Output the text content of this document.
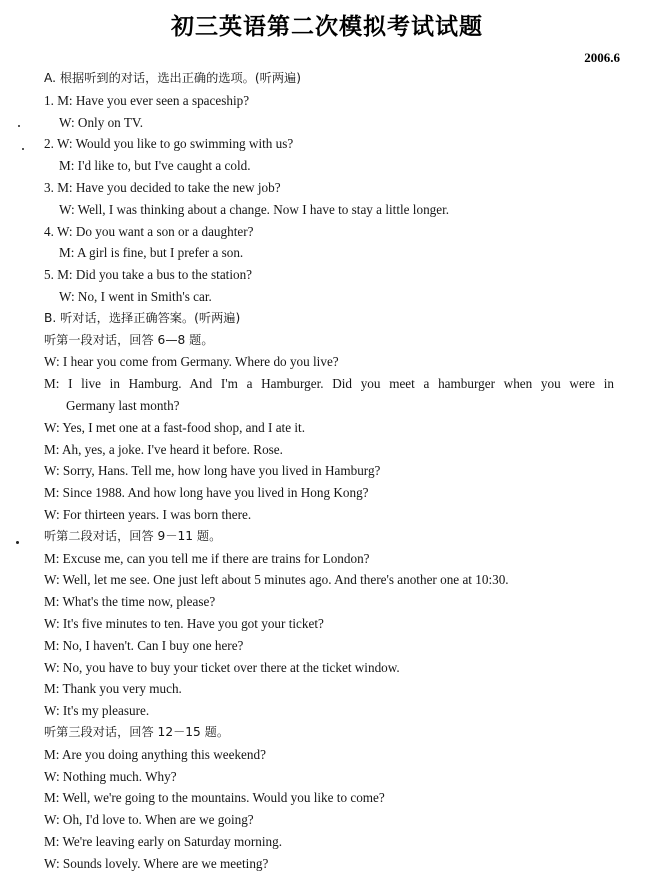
初三英语第二次模拟考试试题
2006.6
A. 根据听到的对话，选出正确的选项。(听两遍)
1. M: Have you ever seen a spaceship?
W: Only on TV.
2. W: Would you like to go swimming with us?
M: I'd like to, but I've caught a cold.
3. M: Have you decided to take the new job?
W: Well, I was thinking about a change. Now I have to stay a little longer.
4. W: Do you want a son or a daughter?
M: A girl is fine, but I prefer a son.
5. M: Did you take a bus to the station?
W: No, I went in Smith's car.
B. 听对话，选择正确答案。(听两遍)
听第一段对话，回答 6—8 题。
W: I hear you come from Germany. Where do you live?
M: I live in Hamburg. And I'm a Hamburger. Did you meet a hamburger when you were in
Germany last month?
W: Yes, I met one at a fast-food shop, and I ate it.
M: Ah, yes, a joke. I've heard it before. Rose.
W: Sorry, Hans. Tell me, how long have you lived in Hamburg?
M: Since 1988. And how long have you lived in Hong Kong?
W: For thirteen years. I was born there.
听第二段对话，回答 9－11 题。
M: Excuse me, can you tell me if there are trains for London?
W: Well, let me see. One just left about 5 minutes ago. And there's another one at 10:30.
M: What's the time now, please?
W: It's five minutes to ten. Have you got your ticket?
M: No, I haven't. Can I buy one here?
W: No, you have to buy your ticket over there at the ticket window.
M: Thank you very much.
W: It's my pleasure.
听第三段对话，回答 12－15 题。
M: Are you doing anything this weekend?
W: Nothing much. Why?
M: Well, we're going to the mountains. Would you like to come?
W: Oh, I'd love to. When are we going?
M: We're leaving early on Saturday morning.
W: Sounds lovely. Where are we meeting?
